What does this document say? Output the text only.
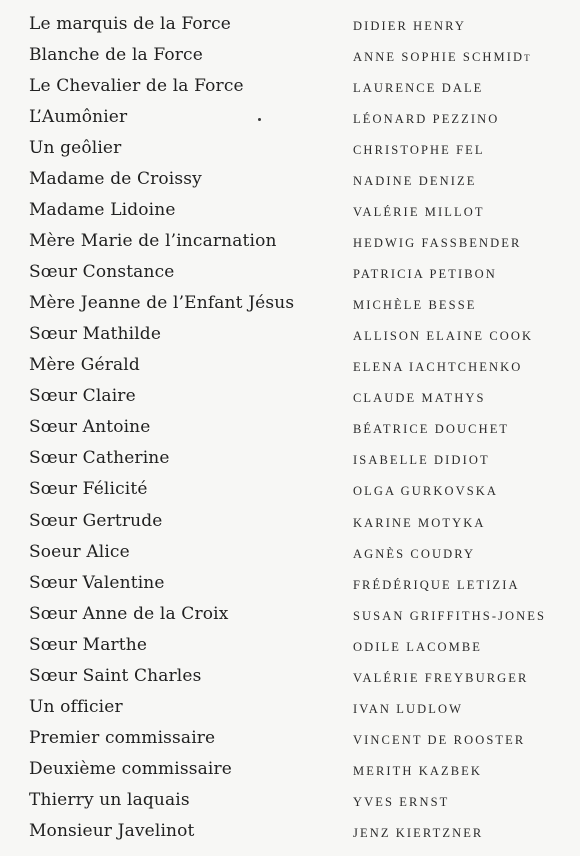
Le marquis de la Force	DIDIER HENRY
Blanche de la Force	ANNE SOPHIE SCHMIDt
Le Chevalier de la Force	LAURENCE DALE
L’Aumônier	LÉONARD PEZZINO
Un geôlier	CHRISTOPHE FEL
Madame de Croissy	NADINE DENIZE
Madame Lidoine	VALÉRIE MILLOT
Mère Marie de l’incarnation	HEDWIG FASSBENDER
Sœur Constance	PATRICIA PETIBON
Mère Jeanne de l’Enfant Jésus	MICHÈLE BESSE
Sœur Mathilde	ALLISON ELAINE COOK
Mère Gérald	ELENA IACHTCHENKO
Sœur Claire	CLAUDE MATHYS
Sœur Antoine	BÉATRICE DOUCHET
Sœur Catherine	ISABELLE DIDIOT
Sœur Félicité	OLGA GURKOVSKA
Sœur Gertrude	KARINE MOTYKA
Soeur Alice	AGNÈS COUDRY
Sœur Valentine	FRÉDÉRIQUE LETIZIA
Sœur Anne de la Croix	SUSAN GRIFFITHS-JONES
Sœur Marthe	ODILE LACOMBE
Sœur Saint Charles	VALÉRIE FREYBURGER
Un officier	IVAN LUDLOW
Premier commissaire	VINCENT DE ROOSTER
Deuxième commissaire	MERITH KAZBEK
Thierry un laquais	YVES ERNST
Monsieur Javelinot	JENZ KIERTZNER
